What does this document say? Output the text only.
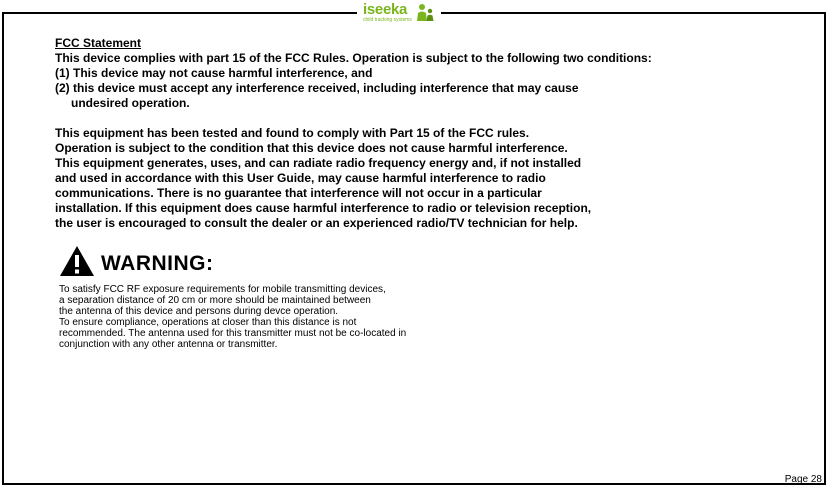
iseeka
child tracking systems

FCC Statement

This device complies with part 15 of the FCC Rules. Operation is subject to the following two conditions:

(1) This device may not cause harmful interference, and

(2) this device must accept any interference received, including interference that may cause

undesired operation.

This equipment has been tested and found to comply with Part 15 of the FCC rules.

Operation is subject to the condition that this device does not cause harmful interference.

This equipment generates, uses, and can radiate radio frequency energy and, if not installed

and used in accordance with this User Guide, may cause harmful interference to radio

communications. There is no guarantee that interference will not occur in a particular

installation. If this equipment does cause harmful interference to radio or television reception,

the user is encouraged to consult the dealer or an experienced radio/TV technician for help.

WARNING:

To satisfy FCC RF exposure requirements for mobile transmitting devices,

a separation distance of 20 cm or more should be maintained between

the antenna of this device and persons during devce operation.

To ensure compliance, operations at closer than this distance is not

recommended. The antenna used for this transmitter must not be co-located in

conjunction with any other antenna or transmitter.

Page 28
